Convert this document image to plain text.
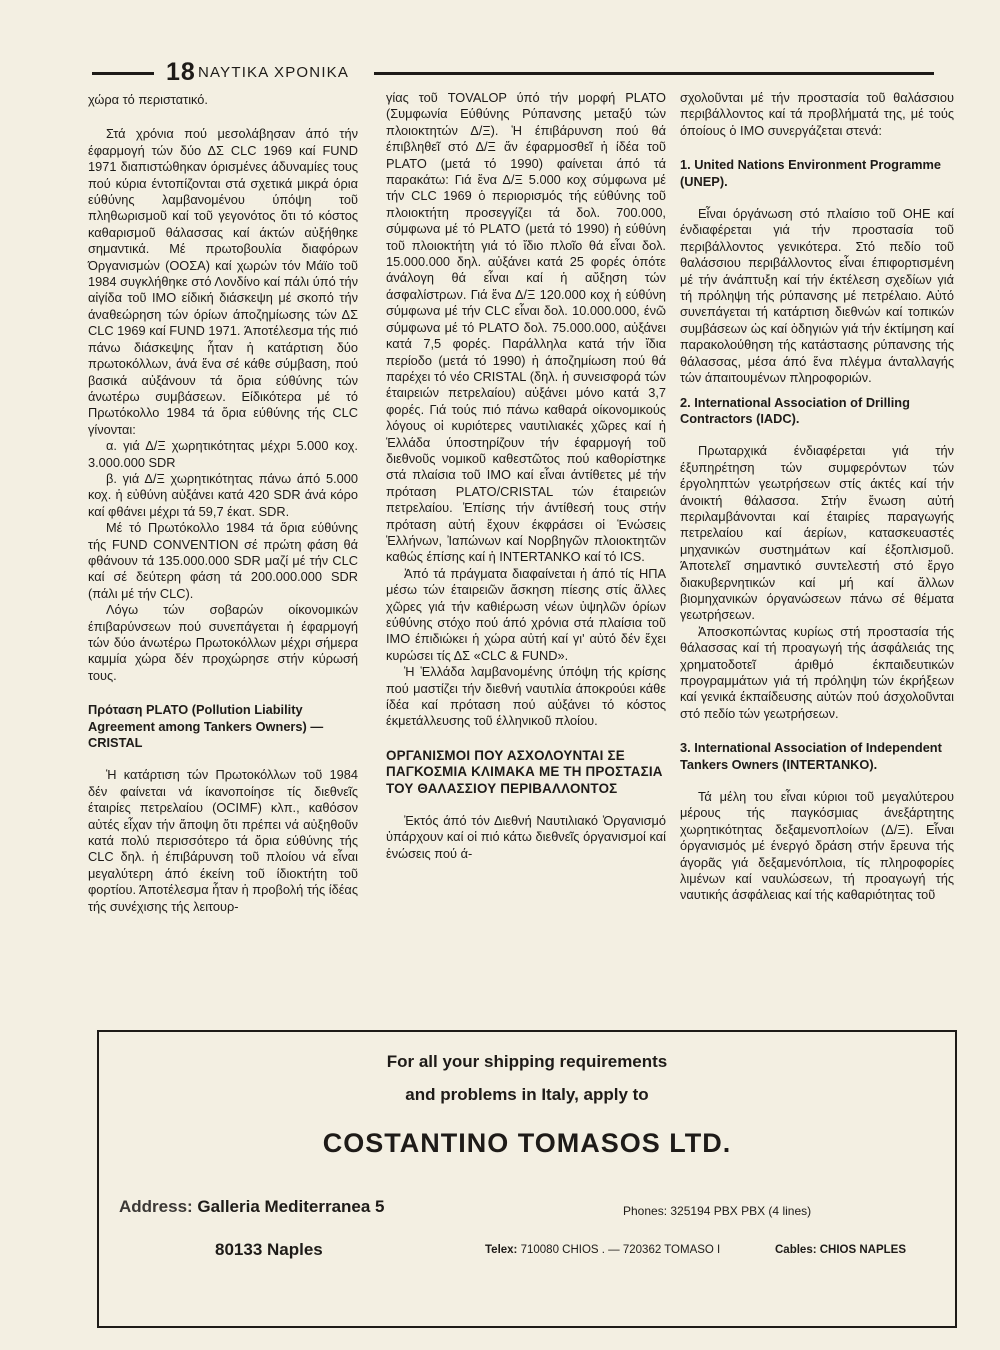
18 ΝΑΥΤΙΚΑ ΧΡΟΝΙΚΑ

χώρα τό περιστατικό.

Στά χρόνια πού μεσολάβησαν άπό τήν έφαρμογή τών δύο ΔΣ CLC 1969 καί FUND 1971 διαπιστώθηκαν όρισμένες άδυναμίες τους πού κύρια έντοπίζονται στά σχετικά μικρά όρια εύθύνης λαμβανομένου ύπόψη τοῦ πληθωρισμοῦ καί τοῦ γεγονότος ὅτι τό κόστος καθαρισμοῦ θάλασσας καί άκτών αὐξήθηκε σημαντικά. Μέ πρωτοβουλία διαφόρων Όργανισμών (ΟΟΣΑ) καί χωρών τόν Μάϊο τοῦ 1984 συγκλήθηκε στό Λονδίνο καί πάλι ύπό τήν αἰγίδα τοῦ ΙΜΟ είδική διάσκεψη μέ σκοπό τήν άναθεώρηση τών όρίων άποζημίωσης τών ΔΣ CLC 1969 καί FUND 1971. Άποτέλεσμα τής πιό πάνω διάσκεψης ἦταν ἡ κατάρτιση δύο πρωτοκόλλων, άνά ἕνα σέ κάθε σύμβαση, πού βασικά αὐξάνουν τά ὅρια εύθύνης τών άνωτέρω συμβάσεων. Είδικότερα μέ τό Πρωτόκολλο 1984 τά ὅρια εύθύνης τής CLC γίνονται:

α. γιά Δ/Ξ χωρητικότητας μέχρι 5.000 κοχ. 3.000.000 SDR

β. γιά Δ/Ξ χωρητικότητας πάνω άπό 5.000 κοχ. ἡ εὐθύνη αὐξάνει κατά 420 SDR άνά κόρο καί φθάνει μέχρι τά 59,7 έκατ. SDR.

Μέ τό Πρωτόκολλο 1984 τά ὅρια εύθύνης τής FUND CONVENTION σέ πρώτη φάση θά φθάνουν τά 135.000.000 SDR μαζί μέ τήν CLC καί σέ δεύτερη φάση τά 200.000.000 SDR (πάλι μέ τήν CLC).

Λόγω τών σοβαρών οίκονομικών έπιβαρύνσεων πού συνεπάγεται ἡ έφαρμογή τών δύο άνωτέρω Πρωτοκόλλων μέχρι σήμερα καμμία χώρα δέν προχώρησε στήν κύρωσή τους.

Πρόταση PLATO (Pollution Liability Agreement among Tankers Owners) — CRISTAL

Ἡ κατάρτιση τών Πρωτοκόλλων τοῦ 1984 δέν φαίνεται νά ίκανοποίησε τίς διεθνεῖς έταιρίες πετρελαίου (OCIMF) κλπ., καθόσον αὐτές εἶχαν τήν ἄποψη ὅτι πρέπει νά αὐξηθοῦν κατά πολύ περισσότερο τά ὅρια εύθύνης τής CLC δηλ. ἡ έπιβάρυνση τοῦ πλοίου νά εἶναι μεγαλύτερη άπό έκείνη τοῦ ίδιοκτήτη τοῦ φορτίου. Άποτέλεσμα ἦταν ἡ προβολή τής ίδέας τής συνέχισης τής λειτουρ-

γίας τοῦ TOVALOP ύπό τήν μορφή PLATO (Συμφωνία Εύθύνης Ρύπανσης μεταξύ τών πλοιοκτητών Δ/Ξ). Ἡ έπιβάρυνση πού θά έπιβληθεῖ στό Δ/Ξ ἄν έφαρμοσθεῖ ἡ ίδέα τοῦ PLATO (μετά τό 1990) φαίνεται άπό τά παρακάτω: Γιά ἕνα Δ/Ξ 5.000 κοχ σύμφωνα μέ τήν CLC 1969 ὁ περιορισμός τής εύθύνης τοῦ πλοιοκτήτη προσεγγίζει τά δολ. 700.000, σύμφωνα μέ τό PLATO (μετά τό 1990) ἡ εύθύνη τοῦ πλοιοκτήτη γιά τό ἴδιο πλοῖο θά εἶναι δολ. 15.000.000 δηλ. αὐξάνει κατά 25 φορές ὁπότε άνάλογη θά εἶναι καί ἡ αὔξηση τών άσφαλίστρων. Γιά ἕνα Δ/Ξ 120.000 κοχ ἡ εύθύνη σύμφωνα μέ τήν CLC εἶναι δολ. 10.000.000, ένῶ σύμφωνα μέ τό PLATO δολ. 75.000.000, αὐξάνει κατά 7,5 φορές. Παράλληλα κατά τήν ἴδια περίοδο (μετά τό 1990) ἡ άποζημίωση πού θά παρέχει τό νέο CRISTAL (δηλ. ἡ συνεισφορά τών έταιρειών πετρελαίου) αὐξάνει μόνο κατά 3,7 φορές. Γιά τούς πιό πάνω καθαρά οίκονομικούς λόγους οἱ κυριότερες ναυτιλιακές χῶρες καί ἡ Ἑλλάδα ύποστηρίζουν τήν έφαρμογή τοῦ διεθνοῦς νομικοῦ καθεστῶτος πού καθορίστηκε στά πλαίσια τοῦ ΙΜΟ καί εἶναι άντίθετες μέ τήν πρόταση PLATO/CRISTAL τών έταιρειών πετρελαίου. Ἐπίσης τήν άντίθεσή τους στήν πρόταση αὐτή ἔχουν έκφράσει οἱ Ἑνώσεις Ἑλλήνων, Ἰαπώνων καί Νορβηγῶν πλοιοκτητῶν καθώς έπίσης καί ἡ INTERTANKO καί τό ICS.

Ἀπό τά πράγματα διαφαίνεται ἡ άπό τίς ΗΠΑ μέσω τών έταιρειῶν ἄσκηση πίεσης στίς ἄλλες χῶρες γιά τήν καθιέρωση νέων ὑψηλῶν όρίων εύθύνης στόχο πού άπό χρόνια στά πλαίσια τοῦ ΙΜΟ έπιδιώκει ἡ χώρα αὐτή καί γι' αὐτό δέν ἔχει κυρώσει τίς ΔΣ «CLC & FUND».

Ἡ Ἑλλάδα λαμβανομένης ύπόψη τής κρίσης πού μαστίζει τήν διεθνή ναυτιλία άποκρούει κάθε ίδέα καί πρόταση πού αὐξάνει τό κόστος έκμετάλλευσης τοῦ έλληνικοῦ πλοίου.

ΟΡΓΑΝΙΣΜΟΙ ΠΟΥ ΑΣΧΟΛΟΥΝΤΑΙ ΣΕ ΠΑΓΚΟΣΜΙΑ ΚΛΙΜΑΚΑ ΜΕ ΤΗ ΠΡΟΣΤΑΣΙΑ ΤΟΥ ΘΑΛΑΣΣΙΟΥ ΠΕΡΙΒΑΛΛΟΝΤΟΣ

Ἐκτός άπό τόν Διεθνή Ναυτιλιακό Ὀργανισμό ὑπάρχουν καί οἱ πιό κάτω διεθνεῖς όργανισμοί καί ἑνώσεις πού ά-

σχολοῦνται μέ τήν προστασία τοῦ θαλάσσιου περιβάλλοντος καί τά προβλήματά της, μέ τούς όποίους ὁ ΙΜΟ συνεργάζεται στενά:

1. United Nations Environment Programme (UNEP).

Εἶναι όργάνωση στό πλαίσιο τοῦ ΟΗΕ καί ένδιαφέρεται γιά τήν προστασία τοῦ περιβάλλοντος γενικότερα. Στό πεδίο τοῦ θαλάσσιου περιβάλλοντος εἶναι έπιφορτισμένη μέ τήν άνάπτυξη καί τήν έκτέλεση σχεδίων γιά τή πρόληψη τής ρύπανσης μέ πετρέλαιο. Αὐτό συνεπάγεται τή κατάρτιση διεθνών καί τοπικών συμβάσεων ὡς καί ὁδηγιών γιά τήν έκτίμηση καί παρακολούθηση τής κατάστασης ρύπανσης τής θάλασσας, μέσα άπό ἕνα πλέγμα άνταλλαγής τών άπαιτουμένων πληροφοριών.

2. International Association of Drilling Contractors (IADC).

Πρωταρχικά ένδιαφέρεται γιά τήν έξυπηρέτηση τών συμφερόντων τών έργοληπτών γεωτρήσεων στίς άκτές καί τήν άνοικτή θάλασσα. Στήν ἕνωση αὐτή περιλαμβάνονται καί έταιρίες παραγωγής πετρελαίου καί άερίων, κατασκευαστές μηχανικών συστημάτων καί έξοπλισμοῦ. Άποτελεῖ σημαντικό συντελεστή στό ἔργο διακυβερνητικών καί μή καί ἄλλων βιομηχανικών όργανώσεων πάνω σέ θέματα γεωτρήσεων.

Ἀποσκοπώντας κυρίως στή προστασία τής θάλασσας καί τή προαγωγή τής άσφάλειάς της χρηματοδοτεῖ άριθμό έκπαιδευτικών προγραμμάτων γιά τή πρόληψη τών έκρήξεων καί γενικά έκπαίδευσης αὐτών πού άσχολοῦνται στό πεδίο τών γεωτρήσεων.

3. International Association of Independent Tankers Owners (INTERTANKO).

Τά μέλη του εἶναι κύριοι τοῦ μεγαλύτερου μέρους τής παγκόσμιας άνεξάρτητης χωρητικότητας δεξαμενοπλοίων (Δ/Ξ). Εἶναι όργανισμός μέ ένεργό δράση στήν ἔρευνα τής άγορᾶς γιά δεξαμενόπλοια, τίς πληροφορίες λιμένων καί ναυλώσεων, τή προαγωγή τής ναυτικής άσφάλειας καί τής καθαριότητας τοῦ

For all your shipping requirements
and problems in Italy, apply to
COSTANTINO TOMASOS LTD.
Address: Galleria Mediterranea 5
80133 Naples
Phones: 325194 PBX PBX (4 lines)
Telex: 710080 CHIOS . — 720362 TOMASO I	Cables: CHIOS NAPLES
